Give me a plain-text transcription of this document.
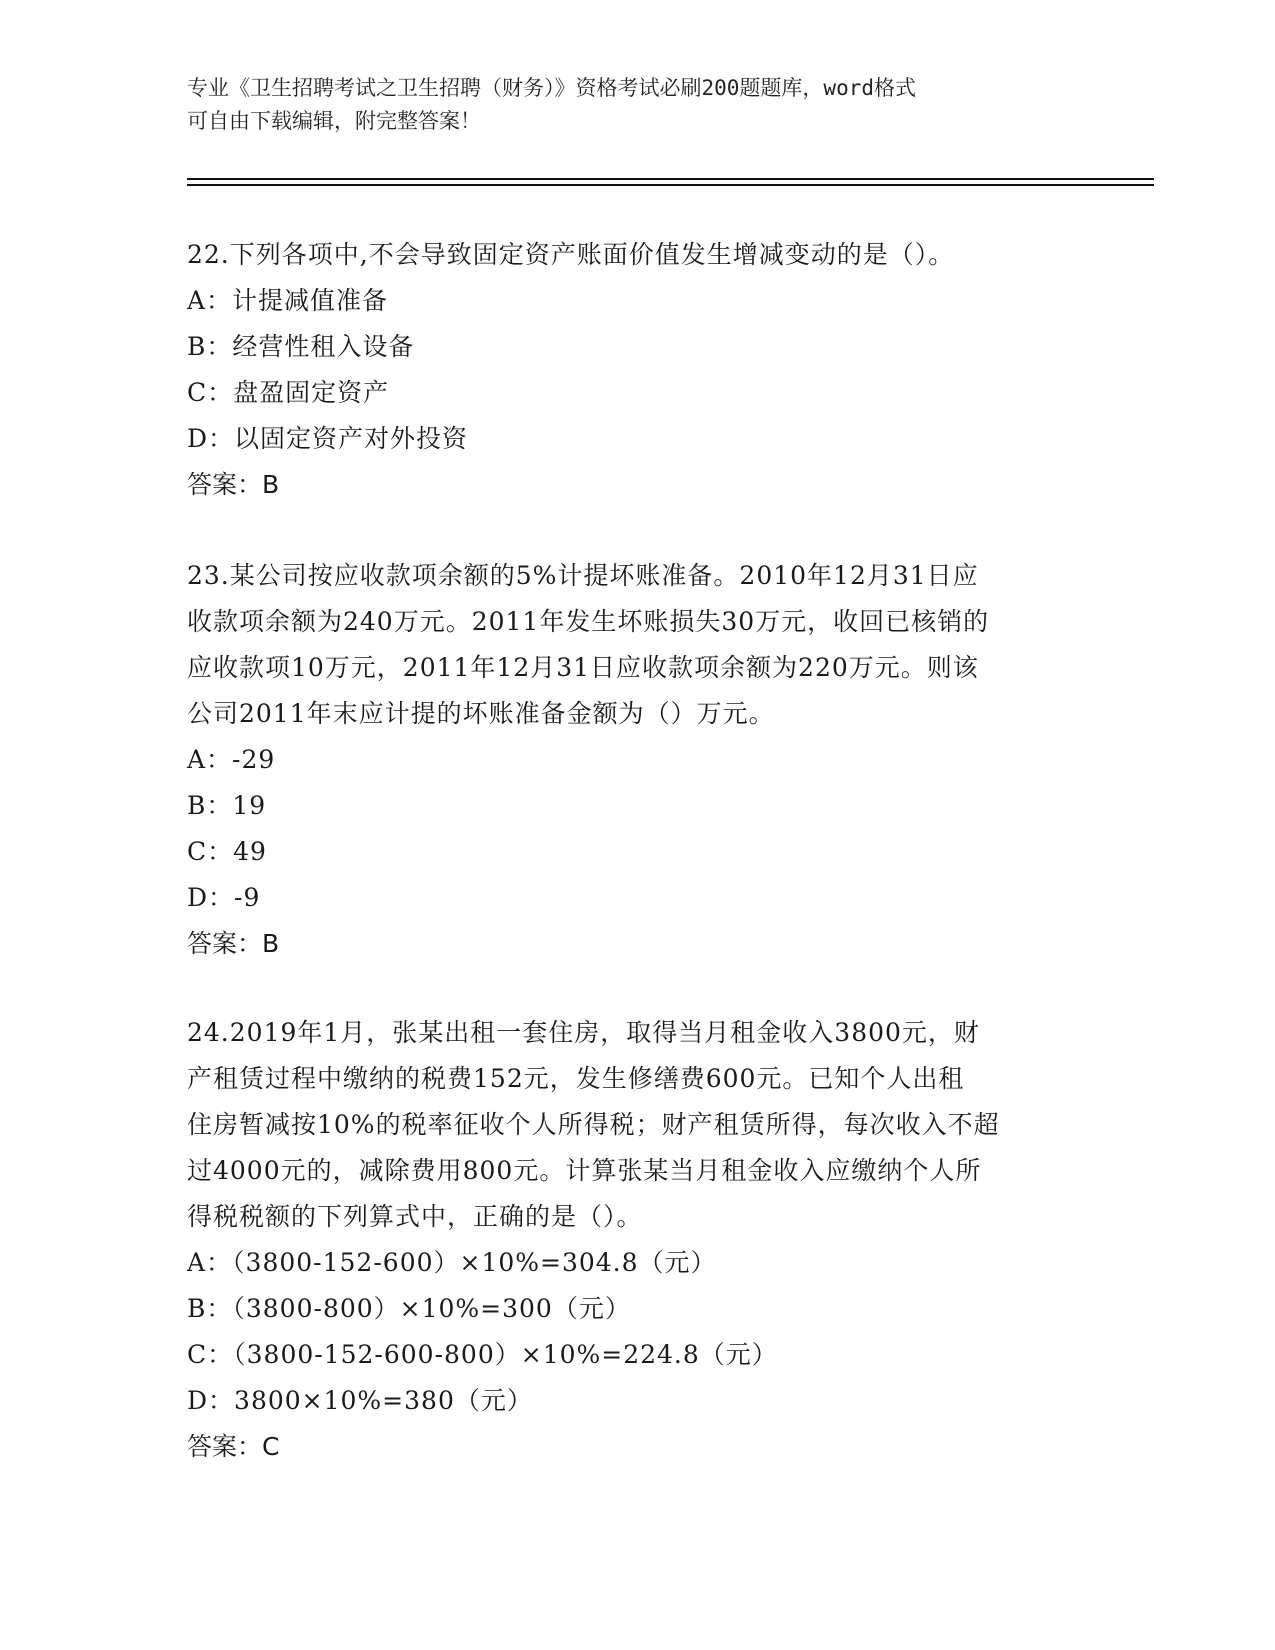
专业《卫生招聘考试之卫生招聘（财务）》资格考试必刷200题题库，word格式
可自由下载编辑，附完整答案！
22.下列各项中,不会导致固定资产账面价值发生增减变动的是（）。
A：计提减值准备
B：经营性租入设备
C：盘盈固定资产
D：以固定资产对外投资
答案：B
23.某公司按应收款项余额的5%计提坏账准备。2010年12月31日应
收款项余额为240万元。2011年发生坏账损失30万元，收回已核销的
应收款项10万元，2011年12月31日应收款项余额为220万元。则该
公司2011年末应计提的坏账准备金额为（）万元。
A：-29
B：19
C：49
D：-9
答案：B
24.2019年1月，张某出租一套住房，取得当月租金收入3800元，财
产租赁过程中缴纳的税费152元，发生修缮费600元。已知个人出租
住房暂减按10%的税率征收个人所得税；财产租赁所得，每次收入不超
过4000元的，减除费用800元。计算张某当月租金收入应缴纳个人所
得税税额的下列算式中，正确的是（）。
A：（3800-152-600）×10%=304.8（元）
B：（3800-800）×10%=300（元）
C：（3800-152-600-800）×10%=224.8（元）
D：3800×10%=380（元）
答案：C
